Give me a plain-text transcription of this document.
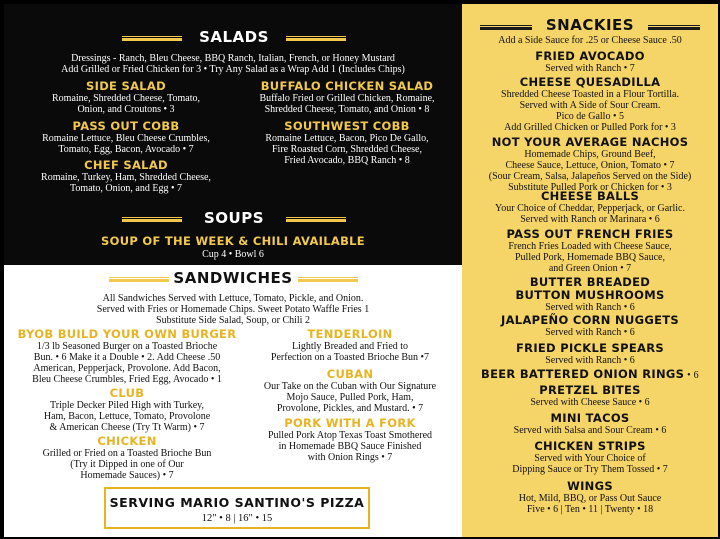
SALADS
Dressings - Ranch, Bleu Cheese, BBQ Ranch, Italian, French, or Honey Mustard
Add Grilled or Fried Chicken for 3 • Try Any Salad as a Wrap Add 1 (Includes Chips)
SIDE SALAD
Romaine, Shredded Cheese, Tomato,
Onion, and Croutons • 3
BUFFALO CHICKEN SALAD
Buffalo Fried or Grilled Chicken, Romaine,
Shredded Cheese, Tomato, and Onion • 8
PASS OUT COBB
Romaine Lettuce, Bleu Cheese Crumbles,
Tomato, Egg, Bacon, Avocado • 7
SOUTHWEST COBB
Romaine Lettuce, Bacon, Pico De Gallo,
Fire Roasted Corn, Shredded Cheese,
Fried Avocado, BBQ Ranch • 8
CHEF SALAD
Romaine, Turkey, Ham, Shredded Cheese,
Tomato, Onion, and Egg • 7
SOUPS
SOUP OF THE WEEK & CHILI AVAILABLE
Cup 4 • Bowl 6
SANDWICHES
All Sandwiches Served with Lettuce, Tomato, Pickle, and Onion.
Served with Fries or Homemade Chips. Sweet Potato Waffle Fries 1
Substitute Side Salad, Soup, or Chili 2
BYOB BUILD YOUR OWN BURGER
1/3 lb Seasoned Burger on a Toasted Brioche
Bun. • 6 Make it a Double • 2. Add Cheese .50
American, Pepperjack, Provolone. Add Bacon,
Bleu Cheese Crumbles, Fried Egg, Avocado • 1
TENDERLOIN
Lightly Breaded and Fried to
Perfection on a Toasted Brioche Bun •7
CUBAN
Our Take on the Cuban with Our Signature
Mojo Sauce, Pulled Pork, Ham,
Provolone, Pickles, and Mustard. • 7
CLUB
Triple Decker Piled High with Turkey,
Ham, Bacon, Lettuce, Tomato, Provolone
& American Cheese (Try Tt Warm) • 7	PORK WITH A FORK
Pulled Pork Atop Texas Toast Smothered
in Homemade BBQ Sauce Finished
with Onion Rings • 7
CHICKEN
Grilled or Fried on a Toasted Brioche Bun
(Try it Dipped in one of Our
Homemade Sauces) • 7
SERVING MARIO SANTINO'S PIZZA
12" • 8 | 16" • 15
SNACKIES
Add a Side Sauce for .25 or Cheese Sauce .50
FRIED AVOCADO
Served with Ranch • 7
CHEESE QUESADILLA
Shredded Cheese Toasted in a Flour Tortilla.
Served with A Side of Sour Cream.
Pico de Gallo • 5
Add Grilled Chicken or Pulled Pork for • 3
NOT YOUR AVERAGE NACHOS
Homemade Chips, Ground Beef,
Cheese Sauce, Lettuce, Onion, Tomato • 7
(Sour Cream, Salsa, Jalapeños Served on the Side)
Substitute Pulled Pork or Chicken for • 3
CHEESE BALLS
Your Choice of Cheddar, Pepperjack, or Garlic.
Served with Ranch or Marinara • 6
PASS OUT FRENCH FRIES
French Fries Loaded with Cheese Sauce,
Pulled Pork, Homemade BBQ Sauce,
and Green Onion • 7
BUTTER BREADED
BUTTON MUSHROOMS
Served with Ranch • 6
JALAPEÑO CORN NUGGETS
Served with Ranch • 6
FRIED PICKLE SPEARS
Served with Ranch • 6
BEER BATTERED ONION RINGS • 6
PRETZEL BITES
Served with Cheese Sauce • 6
MINI TACOS
Served with Salsa and Sour Cream • 6
CHICKEN STRIPS
Served with Your Choice of
Dipping Sauce or Try Them Tossed • 7
WINGS
Hot, Mild, BBQ, or Pass Out Sauce
Five • 6 | Ten • 11 | Twenty • 18
